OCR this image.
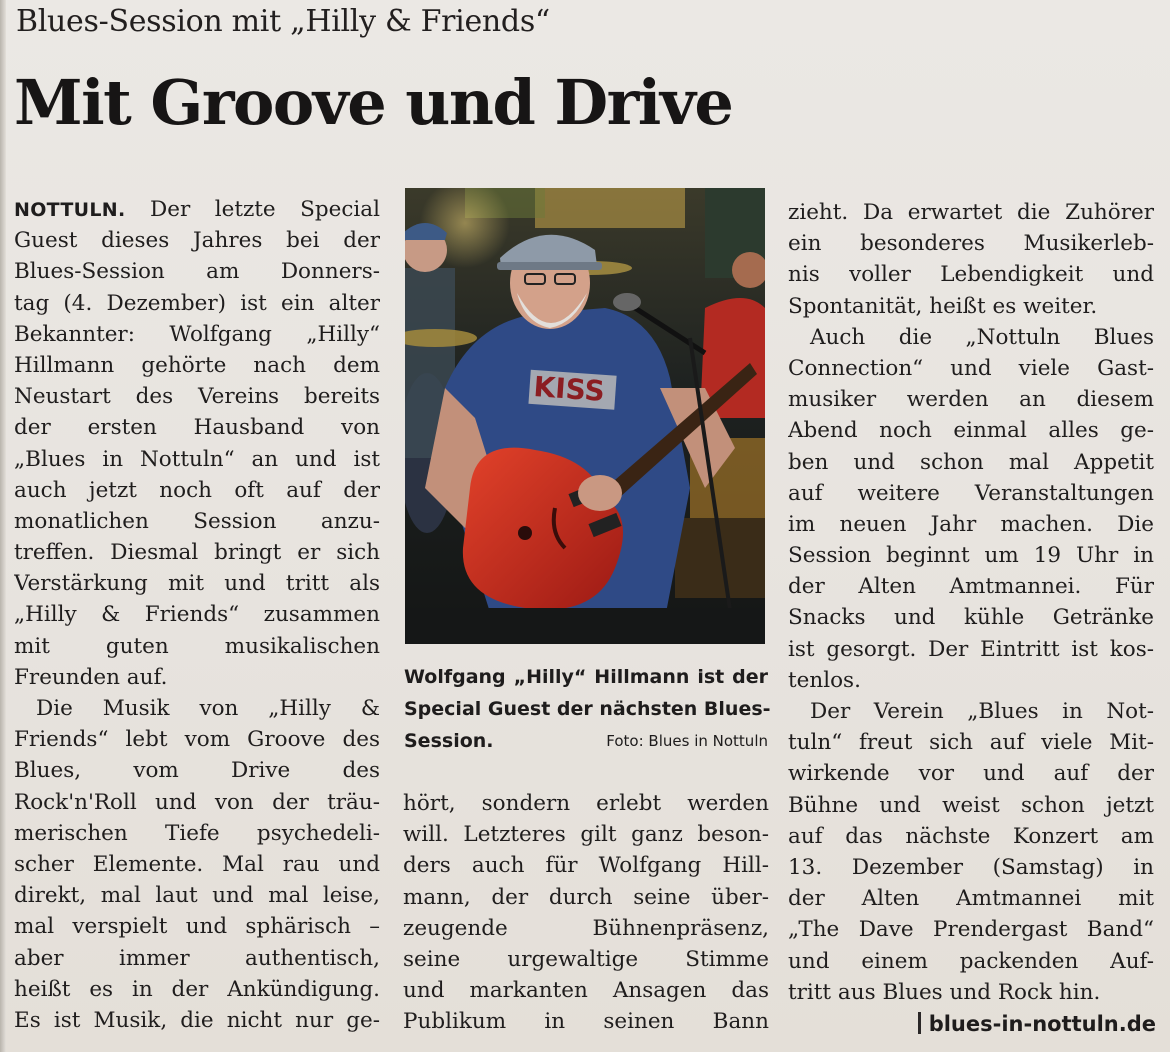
Blues-Session mit „Hilly & Friends“
Mit Groove und Drive
NOTTULN. Der letzte Special
Guest dieses Jahres bei der
Blues-Session am Donners-
tag (4. Dezember) ist ein alter
Bekannter: Wolfgang „Hilly“
Hillmann gehörte nach dem
Neustart des Vereins bereits
der ersten Hausband von
„Blues in Nottuln“ an und ist
auch jetzt noch oft auf der
monatlichen Session anzu-
treffen. Diesmal bringt er sich
Verstärkung mit und tritt als
„Hilly & Friends“ zusammen
mit guten musikalischen
Freunden auf.
Die Musik von „Hilly &
Friends“ lebt vom Groove des
Blues, vom Drive des
Rock'n'Roll und von der träu-
merischen Tiefe psychedeli-
scher Elemente. Mal rau und
direkt, mal laut und mal leise,
mal verspielt und sphärisch –
aber immer authentisch,
heißt es in der Ankündigung.
Es ist Musik, die nicht nur ge-
KISS
Wolfgang „Hilly“ Hillmann ist der
Special Guest der nächsten Blues-
Session.	Foto: Blues in Nottuln
hört, sondern erlebt werden
will. Letzteres gilt ganz beson-
ders auch für Wolfgang Hill-
mann, der durch seine über-
zeugende Bühnenpräsenz,
seine urgewaltige Stimme
und markanten Ansagen das
Publikum in seinen Bann
zieht. Da erwartet die Zuhörer
ein besonderes Musikerleb-
nis voller Lebendigkeit und
Spontanität, heißt es weiter.
Auch die „Nottuln Blues
Connection“ und viele Gast-
musiker werden an diesem
Abend noch einmal alles ge-
ben und schon mal Appetit
auf weitere Veranstaltungen
im neuen Jahr machen. Die
Session beginnt um 19 Uhr in
der Alten Amtmannei. Für
Snacks und kühle Getränke
ist gesorgt. Der Eintritt ist kos-
tenlos.
Der Verein „Blues in Not-
tuln“ freut sich auf viele Mit-
wirkende vor und auf der
Bühne und weist schon jetzt
auf das nächste Konzert am
13. Dezember (Samstag) in
der Alten Amtmannei mit
„The Dave Prendergast Band“
und einem packenden Auf-
tritt aus Blues und Rock hin.
blues-in-nottuln.de
